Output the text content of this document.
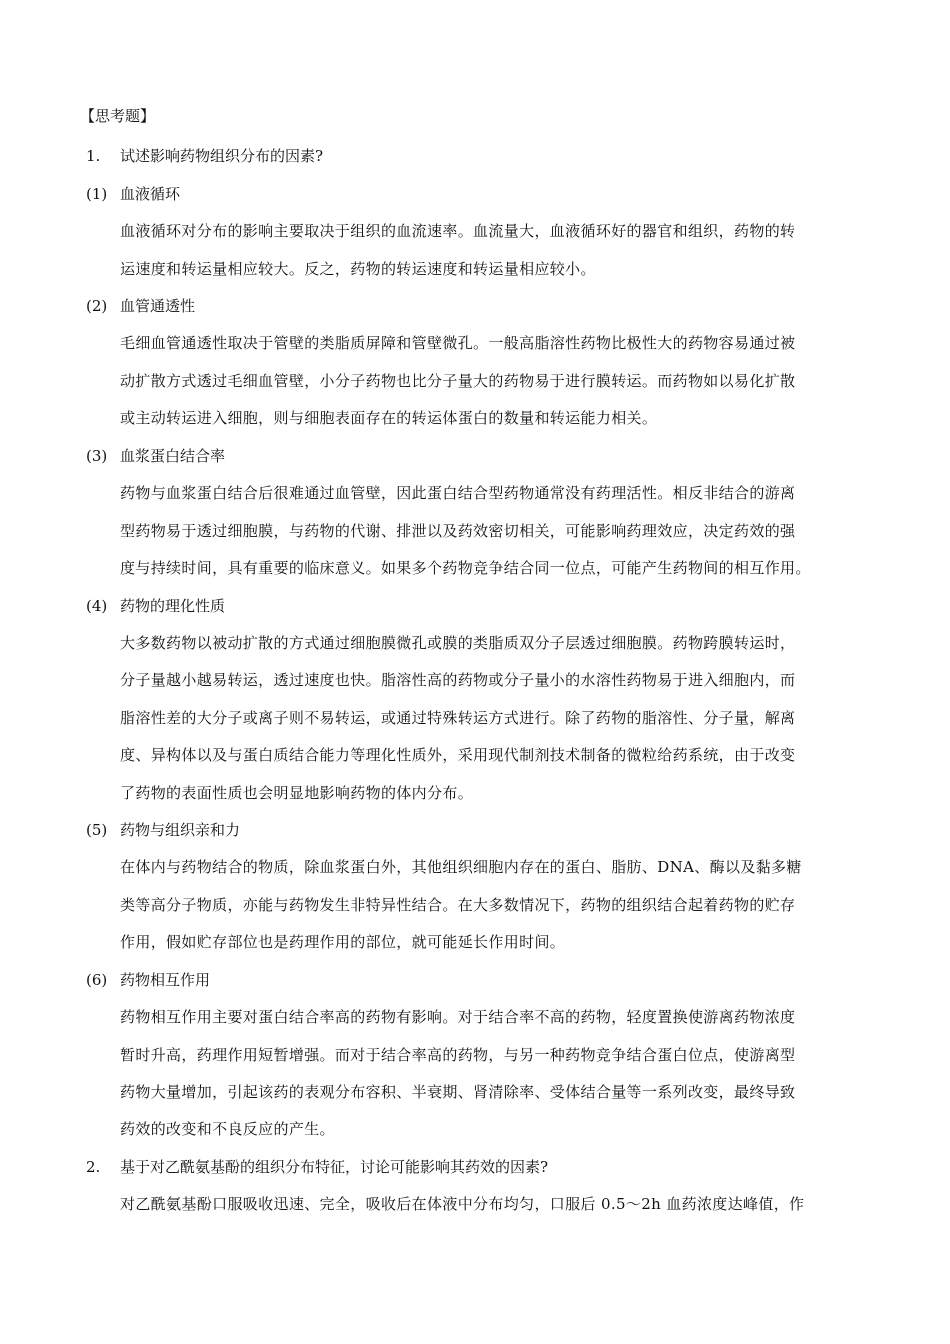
【思考题】
1. 试述影响药物组织分布的因素?
(1) 血液循环
血液循环对分布的影响主要取决于组织的血流速率。血流量大，血液循环好的器官和组织，药物的转
运速度和转运量相应较大。反之，药物的转运速度和转运量相应较小。
(2) 血管通透性
毛细血管通透性取决于管壁的类脂质屏障和管壁微孔。一般高脂溶性药物比极性大的药物容易通过被
动扩散方式透过毛细血管壁，小分子药物也比分子量大的药物易于进行膜转运。而药物如以易化扩散
或主动转运进入细胞，则与细胞表面存在的转运体蛋白的数量和转运能力相关。
(3) 血浆蛋白结合率
药物与血浆蛋白结合后很难通过血管壁，因此蛋白结合型药物通常没有药理活性。相反非结合的游离
型药物易于透过细胞膜，与药物的代谢、排泄以及药效密切相关，可能影响药理效应，决定药效的强
度与持续时间，具有重要的临床意义。如果多个药物竞争结合同一位点，可能产生药物间的相互作用。
(4) 药物的理化性质
大多数药物以被动扩散的方式通过细胞膜微孔或膜的类脂质双分子层透过细胞膜。药物跨膜转运时，
分子量越小越易转运，透过速度也快。脂溶性高的药物或分子量小的水溶性药物易于进入细胞内，而
脂溶性差的大分子或离子则不易转运，或通过特殊转运方式进行。除了药物的脂溶性、分子量，解离
度、异构体以及与蛋白质结合能力等理化性质外，采用现代制剂技术制备的微粒给药系统，由于改变
了药物的表面性质也会明显地影响药物的体内分布。
(5) 药物与组织亲和力
在体内与药物结合的物质，除血浆蛋白外，其他组织细胞内存在的蛋白、脂肪、DNA、酶以及黏多糖
类等高分子物质，亦能与药物发生非特异性结合。在大多数情况下，药物的组织结合起着药物的贮存
作用，假如贮存部位也是药理作用的部位，就可能延长作用时间。
(6) 药物相互作用
药物相互作用主要对蛋白结合率高的药物有影响。对于结合率不高的药物，轻度置换使游离药物浓度
暂时升高，药理作用短暂增强。而对于结合率高的药物，与另一种药物竞争结合蛋白位点，使游离型
药物大量增加，引起该药的表观分布容积、半衰期、肾清除率、受体结合量等一系列改变，最终导致
药效的改变和不良反应的产生。
2. 基于对乙酰氨基酚的组织分布特征，讨论可能影响其药效的因素?
对乙酰氨基酚口服吸收迅速、完全，吸收后在体液中分布均匀，口服后 0.5～2h 血药浓度达峰值，作
